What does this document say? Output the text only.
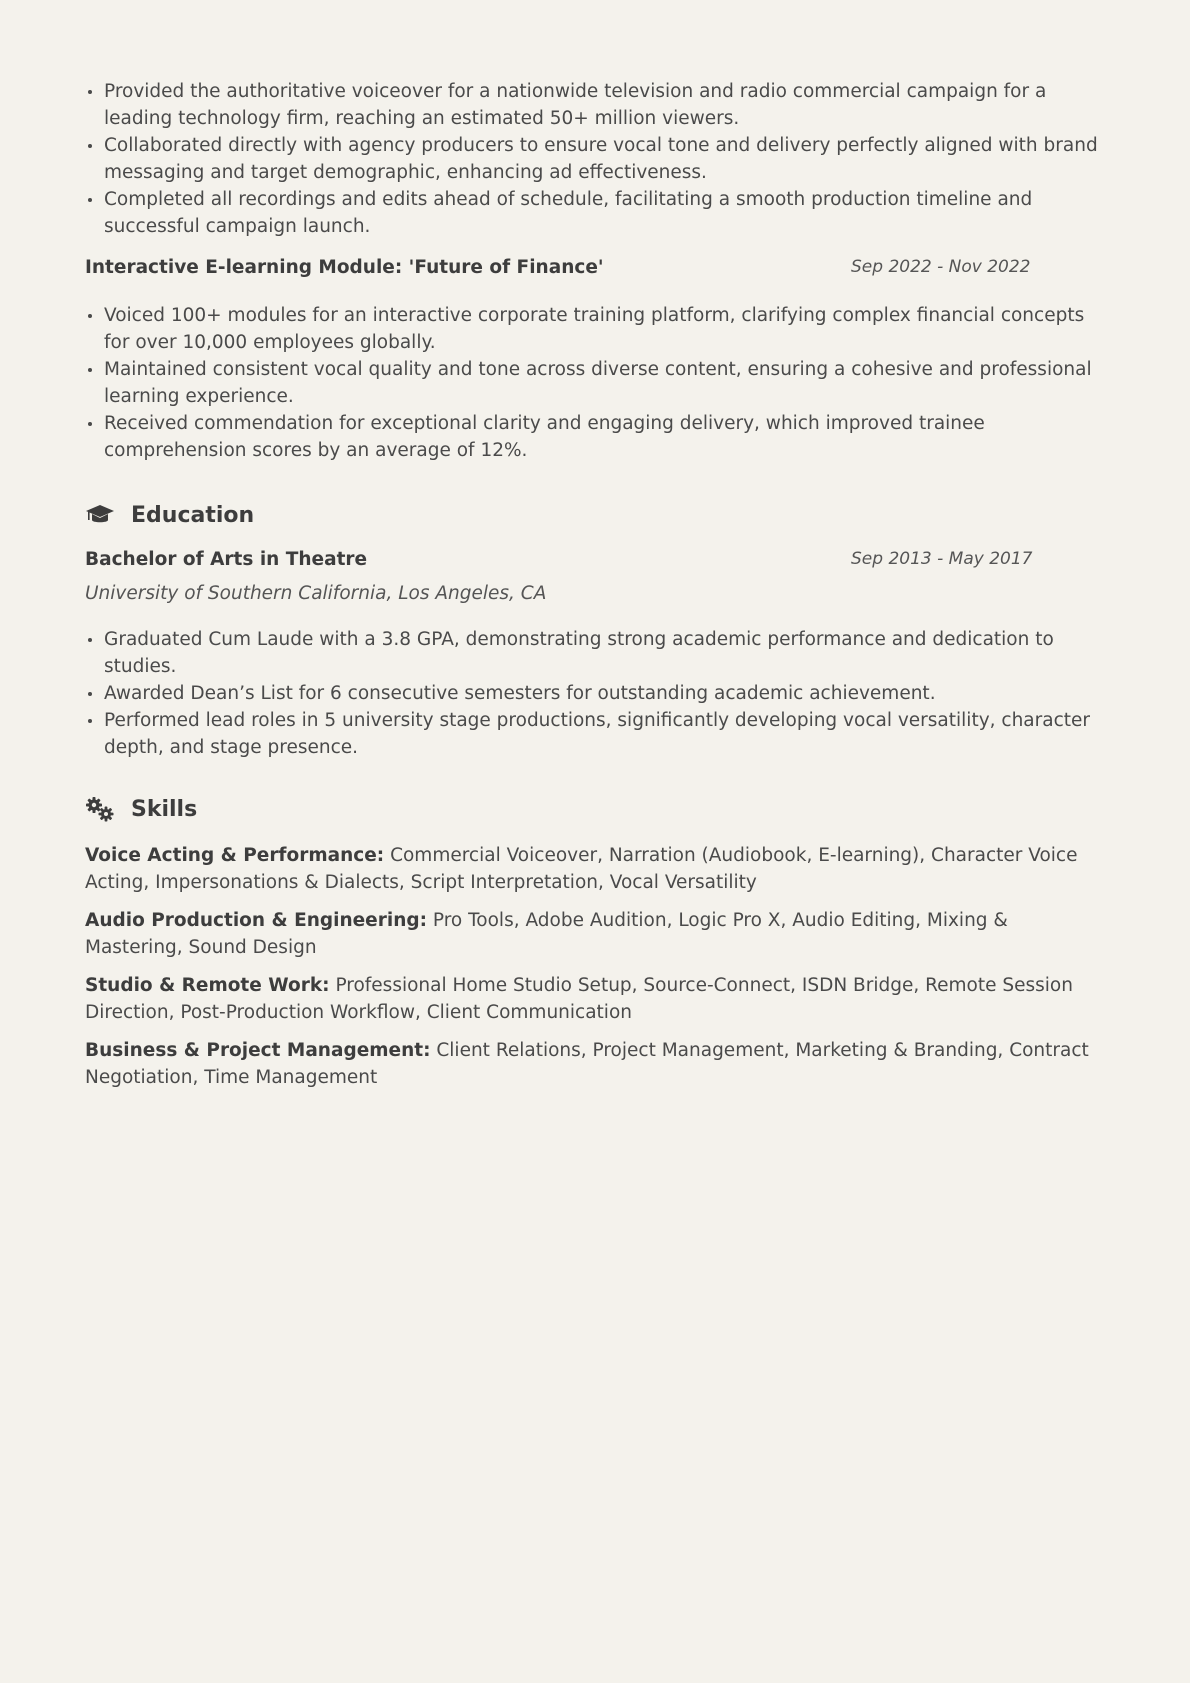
Provided the authoritative voiceover for a nationwide television and radio commercial campaign for a leading technology firm, reaching an estimated 50+ million viewers.
Collaborated directly with agency producers to ensure vocal tone and delivery perfectly aligned with brand messaging and target demographic, enhancing ad effectiveness.
Completed all recordings and edits ahead of schedule, facilitating a smooth production timeline and successful campaign launch.
Interactive E-learning Module: 'Future of Finance'	Sep 2022 - Nov 2022
Voiced 100+ modules for an interactive corporate training platform, clarifying complex financial concepts for over 10,000 employees globally.
Maintained consistent vocal quality and tone across diverse content, ensuring a cohesive and professional learning experience.
Received commendation for exceptional clarity and engaging delivery, which improved trainee comprehension scores by an average of 12%.
Education
Bachelor of Arts in Theatre	Sep 2013 - May 2017
University of Southern California, Los Angeles, CA
Graduated Cum Laude with a 3.8 GPA, demonstrating strong academic performance and dedication to studies.
Awarded Dean’s List for 6 consecutive semesters for outstanding academic achievement.
Performed lead roles in 5 university stage productions, significantly developing vocal versatility, character depth, and stage presence.
Skills
Voice Acting & Performance: Commercial Voiceover, Narration (Audiobook, E-learning), Character Voice Acting, Impersonations & Dialects, Script Interpretation, Vocal Versatility
Audio Production & Engineering: Pro Tools, Adobe Audition, Logic Pro X, Audio Editing, Mixing & Mastering, Sound Design
Studio & Remote Work: Professional Home Studio Setup, Source-Connect, ISDN Bridge, Remote Session Direction, Post-Production Workflow, Client Communication
Business & Project Management: Client Relations, Project Management, Marketing & Branding, Contract Negotiation, Time Management
